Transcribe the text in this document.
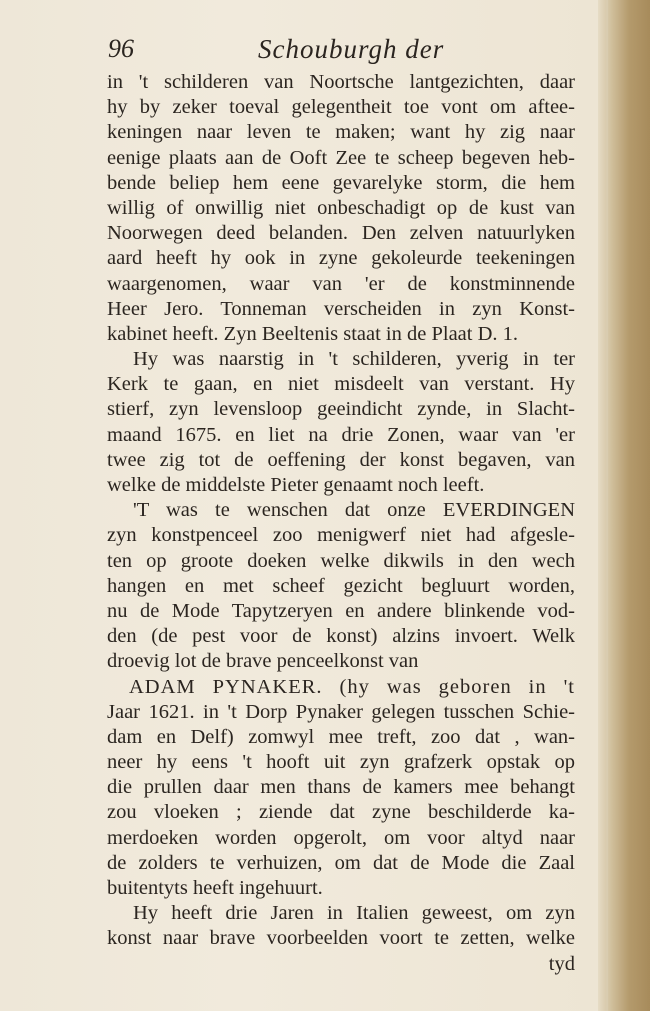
96	Schouburgh der
in 't schilderen van Noortsche lantgezichten, daar
hy by zeker toeval gelegentheit toe vont om aftee-
keningen naar leven te maken; want hy zig naar
eenige plaats aan de Ooft Zee te scheep begeven heb-
bende beliep hem eene gevarelyke storm, die hem
willig of onwillig niet onbeschadigt op de kust van
Noorwegen deed belanden. Den zelven natuurlyken
aard heeft hy ook in zyne gekoleurde teekeningen
waargenomen, waar van 'er de konstminnende
Heer Jero. Tonneman verscheiden in zyn Konst-
kabinet heeft. Zyn Beeltenis staat in de Plaat D. 1.
Hy was naarstig in 't schilderen, yverig in ter
Kerk te gaan, en niet misdeelt van verstant. Hy
stierf, zyn levensloop geeindicht zynde, in Slacht-
maand 1675. en liet na drie Zonen, waar van 'er
twee zig tot de oeffening der konst begaven, van
welke de middelste Pieter genaamt noch leeft.
'T was te wenschen dat onze EVERDINGEN
zyn konstpenceel zoo menigwerf niet had afgesle-
ten op groote doeken welke dikwils in den wech
hangen en met scheef gezicht begluurt worden,
nu de Mode Tapytzeryen en andere blinkende vod-
den (de pest voor de konst) alzins invoert. Welk
droevig lot de brave penceelkonst van
ADAM PYNAKER. (hy was geboren in 't
Jaar 1621. in 't Dorp Pynaker gelegen tusschen Schie-
dam en Delf) zomwyl mee treft, zoo dat , wan-
neer hy eens 't hooft uit zyn grafzerk opstak op
die prullen daar men thans de kamers mee behangt
zou vloeken ; ziende dat zyne beschilderde ka-
merdoeken worden opgerolt, om voor altyd naar
de zolders te verhuizen, om dat de Mode die Zaal
buitentyts heeft ingehuurt.
Hy heeft drie Jaren in Italien geweest, om zyn
konst naar brave voorbeelden voort te zetten, welke
tyd
